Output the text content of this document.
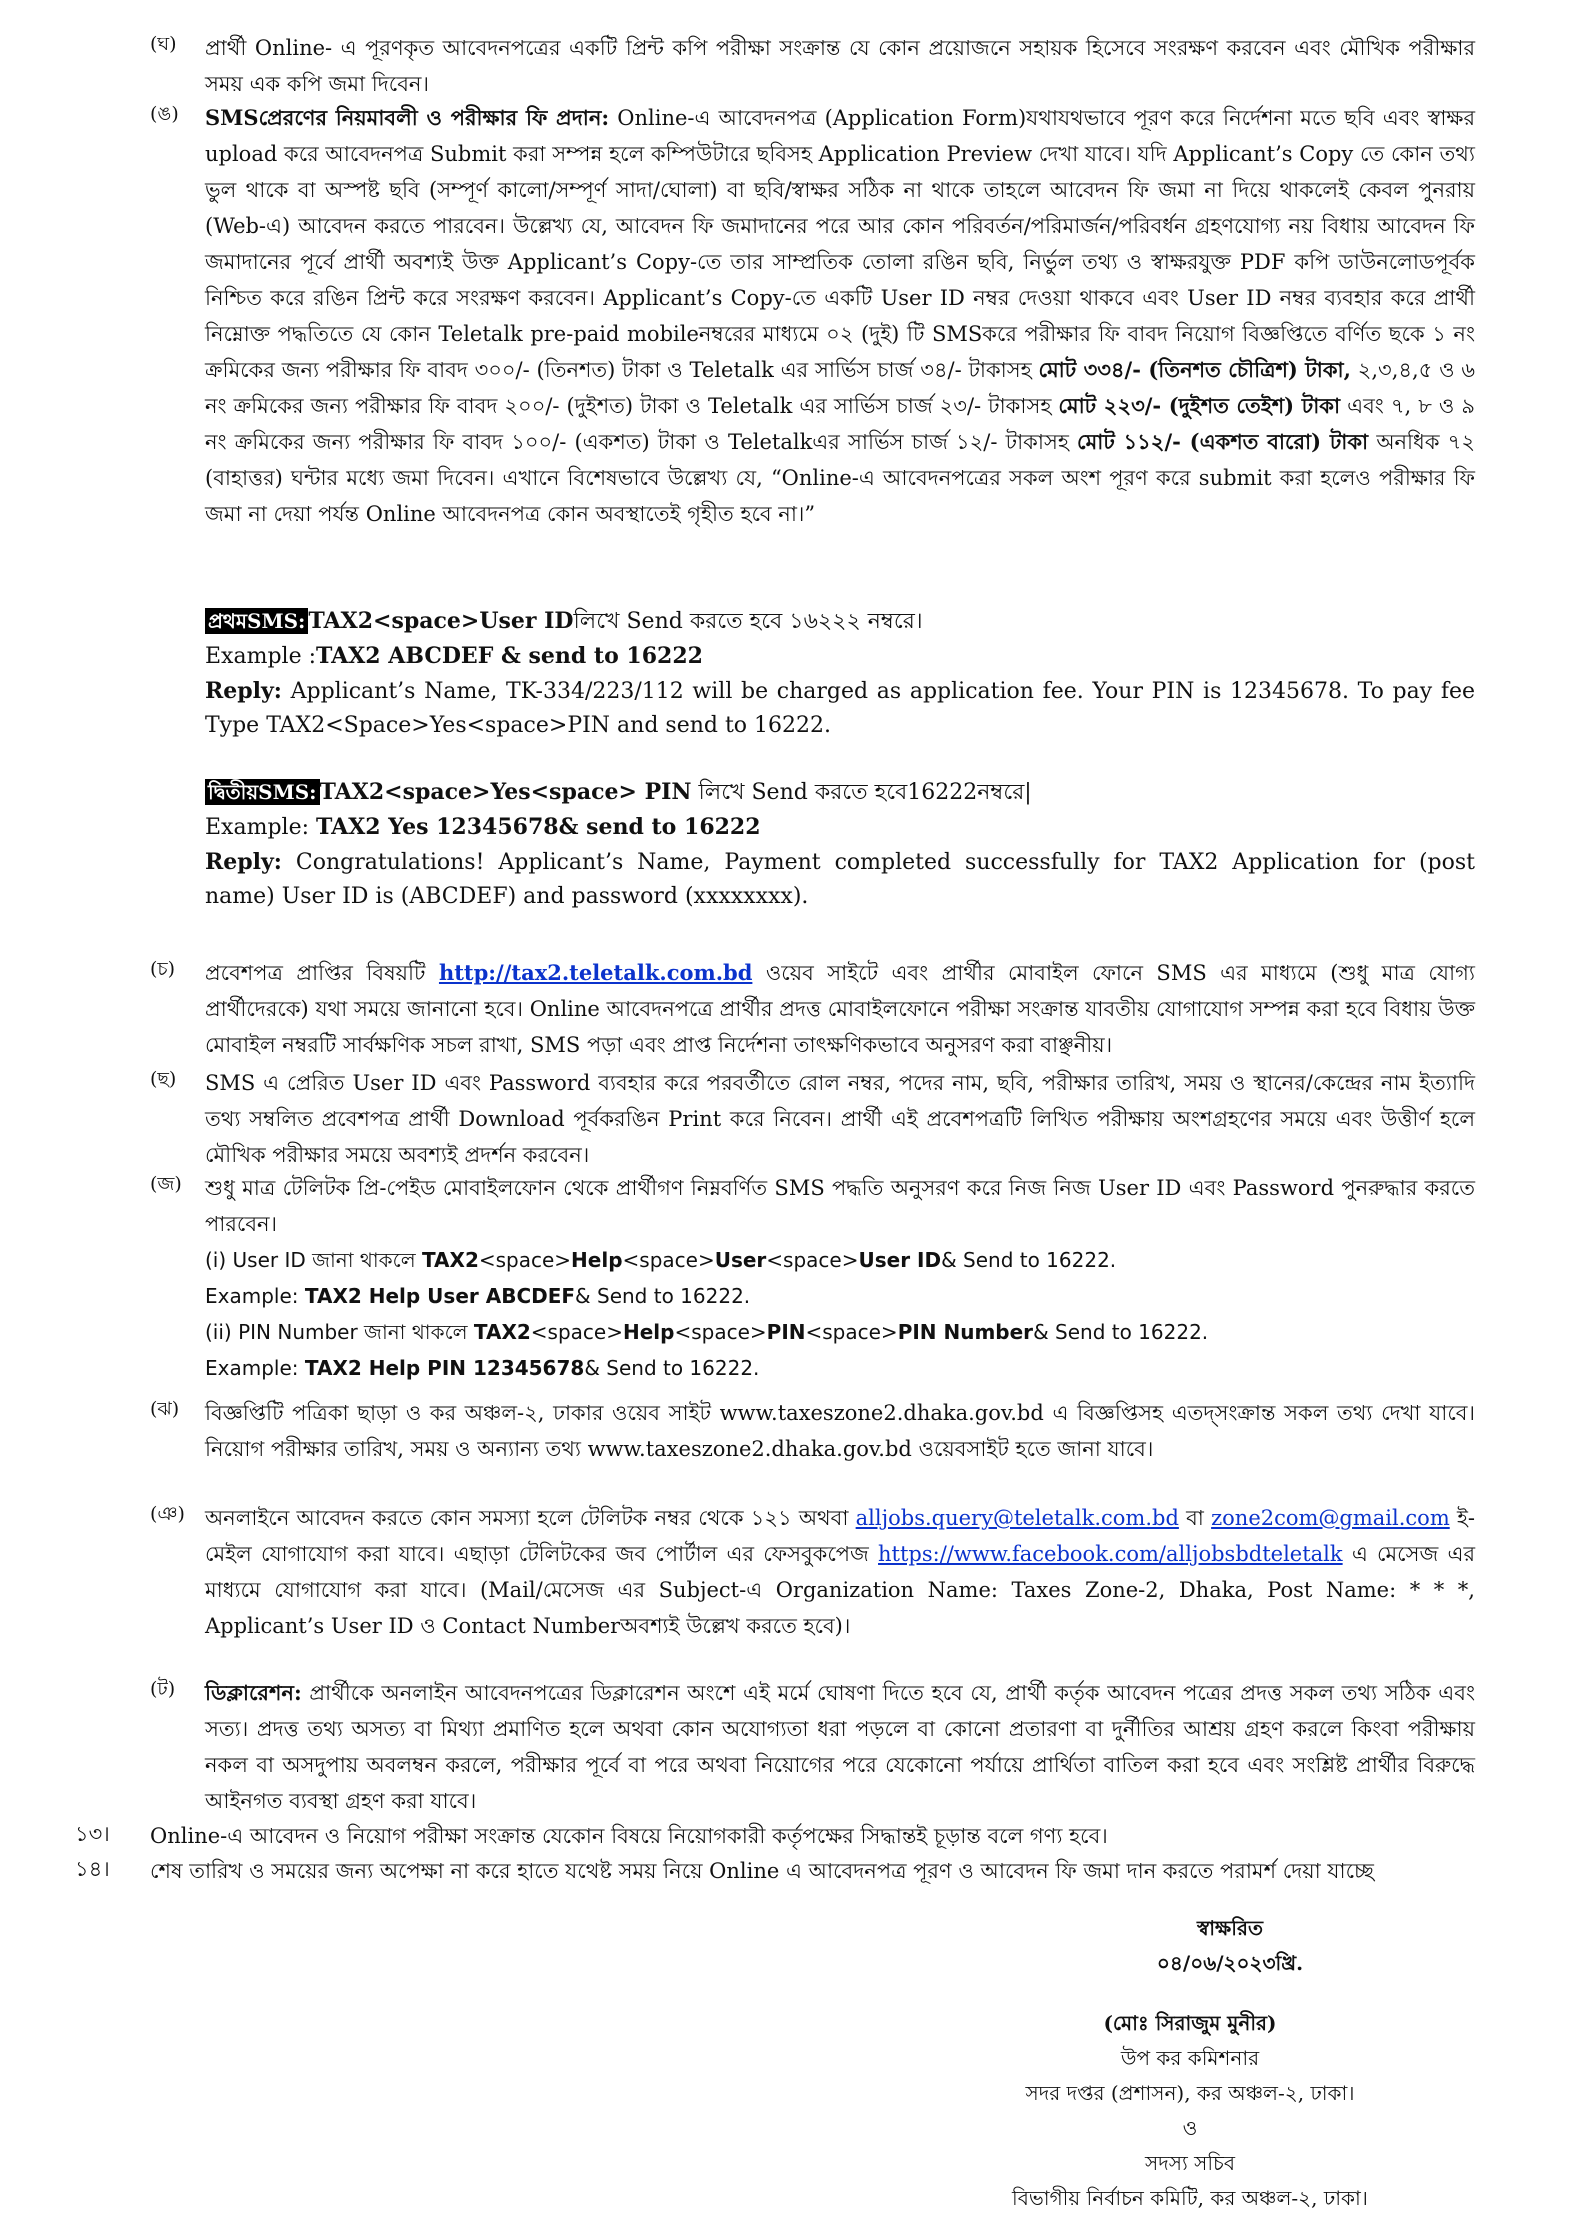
(ঘ)	প্রার্থী Online- এ পূরণকৃত আবেদনপত্রের একটি প্রিন্ট কপি পরীক্ষা সংক্রান্ত যে কোন প্রয়োজনে সহায়ক হিসেবে সংরক্ষণ করবেন এবং মৌখিক পরীক্ষার সময় এক কপি জমা দিবেন।
(ঙ)	SMSপ্রেরণের নিয়মাবলী ও পরীক্ষার ফি প্রদান: Online-এ আবেদনপত্র (Application Form)যথাযথভাবে পূরণ করে নির্দেশনা মতে ছবি এবং স্বাক্ষর upload করে আবেদনপত্র Submit করা সম্পন্ন হলে কম্পিউটারে ছবিসহ Application Preview দেখা যাবে। যদি Applicant’s Copy তে কোন তথ্য ভুল থাকে বা অস্পষ্ট ছবি (সম্পূর্ণ কালো/সম্পূর্ণ সাদা/ঘোলা) বা ছবি/স্বাক্ষর সঠিক না থাকে তাহলে আবেদন ফি জমা না দিয়ে থাকলেই কেবল পুনরায় (Web-এ) আবেদন করতে পারবেন। উল্লেখ্য যে, আবেদন ফি জমাদানের পরে আর কোন পরিবর্তন/পরিমার্জন/পরিবর্ধন গ্রহণযোগ্য নয় বিধায় আবেদন ফি জমাদানের পূর্বে প্রার্থী অবশ্যই উক্ত Applicant’s Copy-তে তার সাম্প্রতিক তোলা রঙিন ছবি, নির্ভুল তথ্য ও স্বাক্ষরযুক্ত PDF কপি ডাউনলোডপূর্বক নিশ্চিত করে রঙিন প্রিন্ট করে সংরক্ষণ করবেন। Applicant’s Copy-তে একটি User ID নম্বর দেওয়া থাকবে এবং User ID নম্বর ব্যবহার করে প্রার্থী নিম্নোক্ত পদ্ধতিতে যে কোন Teletalk pre-paid mobileনম্বরের মাধ্যমে ০২ (দুই) টি SMSকরে পরীক্ষার ফি বাবদ নিয়োগ বিজ্ঞপ্তিতে বর্ণিত ছকে ১ নং ক্রমিকের জন্য পরীক্ষার ফি বাবদ ৩০০/- (তিনশত) টাকা ও Teletalk এর সার্ভিস চার্জ ৩৪/- টাকাসহ মোট ৩৩৪/- (তিনশত চৌত্রিশ) টাকা, ২,৩,৪,৫ ও ৬ নং ক্রমিকের জন্য পরীক্ষার ফি বাবদ ২০০/- (দুইশত) টাকা ও Teletalk এর সার্ভিস চার্জ ২৩/- টাকাসহ মোট ২২৩/- (দুইশত তেইশ) টাকা এবং ৭, ৮ ও ৯ নং ক্রমিকের জন্য পরীক্ষার ফি বাবদ ১০০/- (একশত) টাকা ও Teletalkএর সার্ভিস চার্জ ১২/- টাকাসহ মোট ১১২/- (একশত বারো) টাকা অনধিক ৭২ (বাহাত্তর) ঘন্টার মধ্যে জমা দিবেন। এখানে বিশেষভাবে উল্লেখ্য যে, “Online-এ আবেদনপত্রের সকল অংশ পূরণ করে submit করা হলেও পরীক্ষার ফি জমা না দেয়া পর্যন্ত Online আবেদনপত্র কোন অবস্থাতেই গৃহীত হবে না।”
প্রথমSMS: TAX2<space>User IDলিখে Send করতে হবে ১৬২২২ নম্বরে।
Example :TAX2 ABCDEF & send to 16222
Reply: Applicant’s Name, TK-334/223/112 will be charged as application fee. Your PIN is 12345678. To pay fee Type TAX2<Space>Yes<space>PIN and send to 16222.
দ্বিতীয়SMS: TAX2<space>Yes<space> PIN লিখে Send করতে হবে16222নম্বরে|
Example: TAX2 Yes 12345678& send to 16222
Reply: Congratulations! Applicant’s Name, Payment completed successfully for TAX2 Application for (post name) User ID is (ABCDEF) and password (xxxxxxxx).
(চ)	প্রবেশপত্র প্রাপ্তির বিষয়টি http://tax2.teletalk.com.bd ওয়েব সাইটে এবং প্রার্থীর মোবাইল ফোনে SMS এর মাধ্যমে (শুধু মাত্র যোগ্য প্রার্থীদেরকে) যথা সময়ে জানানো হবে। Online আবেদনপত্রে প্রার্থীর প্রদত্ত মোবাইলফোনে পরীক্ষা সংক্রান্ত যাবতীয় যোগাযোগ সম্পন্ন করা হবে বিধায় উক্ত মোবাইল নম্বরটি সার্বক্ষণিক সচল রাখা, SMS পড়া এবং প্রাপ্ত নির্দেশনা তাৎক্ষণিকভাবে অনুসরণ করা বাঞ্ছনীয়।
(ছ)	SMS এ প্রেরিত User ID এবং Password ব্যবহার করে পরবর্তীতে রোল নম্বর, পদের নাম, ছবি, পরীক্ষার তারিখ, সময় ও স্থানের/কেন্দ্রের নাম ইত্যাদি তথ্য সম্বলিত প্রবেশপত্র প্রার্থী Download পূর্বকরঙিন Print করে নিবেন। প্রার্থী এই প্রবেশপত্রটি লিখিত পরীক্ষায় অংশগ্রহণের সময়ে এবং উত্তীর্ণ হলে মৌখিক পরীক্ষার সময়ে অবশ্যই প্রদর্শন করবেন।
(জ)	শুধু মাত্র টেলিটক প্রি-পেইড মোবাইলফোন থেকে প্রার্থীগণ নিম্নবর্ণিত SMS পদ্ধতি অনুসরণ করে নিজ নিজ User ID এবং Password পুনরুদ্ধার করতে পারবেন।
(i) User ID জানা থাকলে TAX2<space>Help<space>User<space>User ID& Send to 16222.
Example: TAX2 Help User ABCDEF& Send to 16222.
(ii) PIN Number জানা থাকলে TAX2<space>Help<space>PIN<space>PIN Number& Send to 16222.
Example: TAX2 Help PIN 12345678& Send to 16222.
(ঝ)	বিজ্ঞপ্তিটি পত্রিকা ছাড়া ও কর অঞ্চল-২, ঢাকার ওয়েব সাইট www.taxeszone2.dhaka.gov.bd এ বিজ্ঞপ্তিসহ এতদ্সংক্রান্ত সকল তথ্য দেখা যাবে। নিয়োগ পরীক্ষার তারিখ, সময় ও অন্যান্য তথ্য www.taxeszone2.dhaka.gov.bd ওয়েবসাইট হতে জানা যাবে।
(ঞ) অনলাইনে আবেদন করতে কোন সমস্যা হলে টেলিটক নম্বর থেকে ১২১ অথবা alljobs.query@teletalk.com.bd বা zone2com@gmail.com ই-মেইল যোগাযোগ করা যাবে। এছাড়া টেলিটকের জব পোর্টাল এর ফেসবুকপেজ https://www.facebook.com/alljobsbdteletalk এ মেসেজ এর মাধ্যমে যোগাযোগ করা যাবে। (Mail/মেসেজ এর Subject-এ Organization Name: Taxes Zone-2, Dhaka, Post Name: * * *, Applicant’s User ID ও Contact Numberঅবশ্যই উল্লেখ করতে হবে)।
(ট)	ডিক্লারেশন: প্রার্থীকে অনলাইন আবেদনপত্রের ডিক্লারেশন অংশে এই মর্মে ঘোষণা দিতে হবে যে, প্রার্থী কর্তৃক আবেদন পত্রের প্রদত্ত সকল তথ্য সঠিক এবং সত্য। প্রদত্ত তথ্য অসত্য বা মিথ্যা প্রমাণিত হলে অথবা কোন অযোগ্যতা ধরা পড়লে বা কোনো প্রতারণা বা দুর্নীতির আশ্রয় গ্রহণ করলে কিংবা পরীক্ষায় নকল বা অসদুপায় অবলম্বন করলে, পরীক্ষার পূর্বে বা পরে অথবা নিয়োগের পরে যেকোনো পর্যায়ে প্রার্থিতা বাতিল করা হবে এবং সংশ্লিষ্ট প্রার্থীর বিরুদ্ধে আইনগত ব্যবস্থা গ্রহণ করা যাবে।
১৩।	Online-এ আবেদন ও নিয়োগ পরীক্ষা সংক্রান্ত যেকোন বিষয়ে নিয়োগকারী কর্তৃপক্ষের সিদ্ধান্তই চূড়ান্ত বলে গণ্য হবে।
১৪।	শেষ তারিখ ও সময়ের জন্য অপেক্ষা না করে হাতে যথেষ্ট সময় নিয়ে Online এ আবেদনপত্র পূরণ ও আবেদন ফি জমা দান করতে পরামর্শ দেয়া যাচ্ছে
স্বাক্ষরিত
০৪/০৬/২০২৩খ্রি.
(মোঃ সিরাজুম মুনীর)
উপ কর কমিশনার
সদর দপ্তর (প্রশাসন), কর অঞ্চল-২, ঢাকা।
ও
সদস্য সচিব
বিভাগীয় নির্বাচন কমিটি, কর অঞ্চল-২, ঢাকা।
